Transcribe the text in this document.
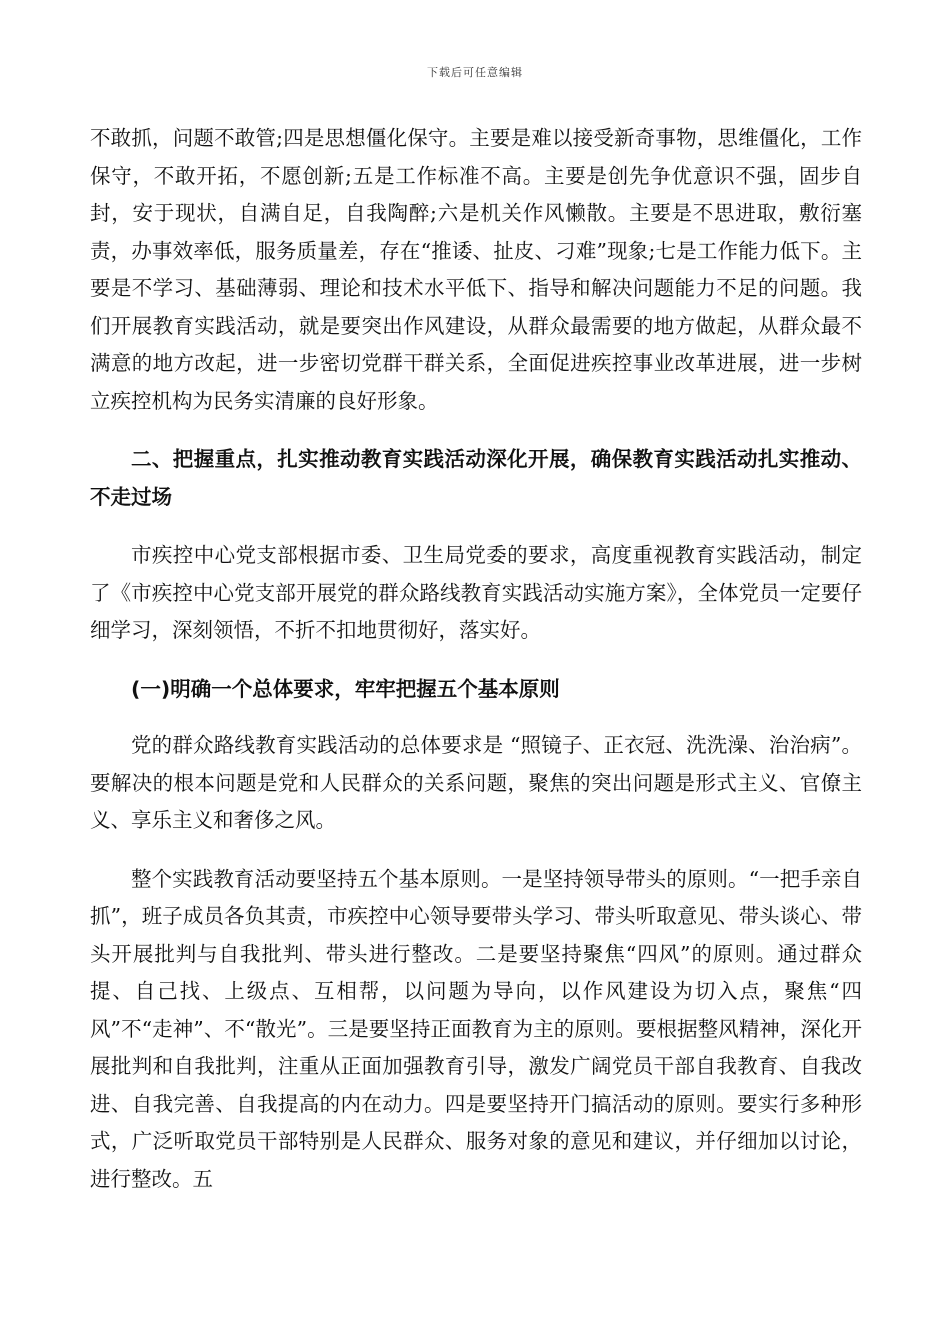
下载后可任意编辑

不敢抓，问题不敢管;四是思想僵化保守。主要是难以接受新奇事物，思维僵化，工作保守，不敢开拓，不愿创新;五是工作标准不高。主要是创先争优意识不强，固步自封，安于现状，自满自足，自我陶醉;六是机关作风懒散。主要是不思进取，敷衍塞责，办事效率低，服务质量差，存在“推诿、扯皮、刁难”现象;七是工作能力低下。主要是不学习、基础薄弱、理论和技术水平低下、指导和解决问题能力不足的问题。我们开展教育实践活动，就是要突出作风建设，从群众最需要的地方做起，从群众最不满意的地方改起，进一步密切党群干群关系，全面促进疾控事业改革进展，进一步树立疾控机构为民务实清廉的良好形象。

二、把握重点，扎实推动教育实践活动深化开展，确保教育实践活动扎实推动、不走过场

市疾控中心党支部根据市委、卫生局党委的要求，高度重视教育实践活动，制定了《市疾控中心党支部开展党的群众路线教育实践活动实施方案》，全体党员一定要仔细学习，深刻领悟，不折不扣地贯彻好，落实好。

(一)明确一个总体要求，牢牢把握五个基本原则

党的群众路线教育实践活动的总体要求是 “照镜子、正衣冠、洗洗澡、治治病”。要解决的根本问题是党和人民群众的关系问题，聚焦的突出问题是形式主义、官僚主义、享乐主义和奢侈之风。

整个实践教育活动要坚持五个基本原则。一是坚持领导带头的原则。“一把手亲自抓”，班子成员各负其责，市疾控中心领导要带头学习、带头听取意见、带头谈心、带头开展批判与自我批判、带头进行整改。二是要坚持聚焦“四风”的原则。通过群众提、自己找、上级点、互相帮，以问题为导向，以作风建设为切入点，聚焦“四风”不“走神”、不“散光”。三是要坚持正面教育为主的原则。要根据整风精神，深化开展批判和自我批判，注重从正面加强教育引导，激发广阔党员干部自我教育、自我改进、自我完善、自我提高的内在动力。四是要坚持开门搞活动的原则。要实行多种形式，广泛听取党员干部特别是人民群众、服务对象的意见和建议，并仔细加以讨论，进行整改。五
